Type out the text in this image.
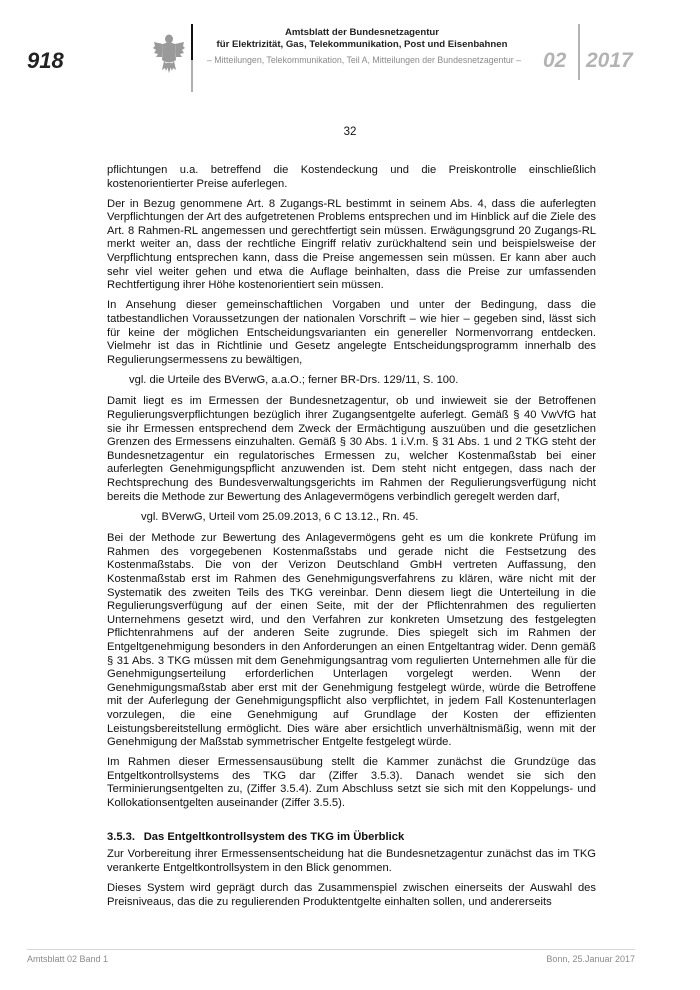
918
Amtsblatt der Bundesnetzagentur
für Elektrizität, Gas, Telekommunikation, Post und Eisenbahnen
– Mitteilungen, Telekommunikation, Teil A, Mitteilungen der Bundesnetzagentur –	02 2017
32

pflichtungen u.a. betreffend die Kostendeckung und die Preiskontrolle einschließlich kostenorientierter Preise auferlegen.

Der in Bezug genommene Art. 8 Zugangs-RL bestimmt in seinem Abs. 4, dass die auferlegten Verpflichtungen der Art des aufgetretenen Problems entsprechen und im Hinblick auf die Ziele des Art. 8 Rahmen-RL angemessen und gerechtfertigt sein müssen. Erwägungsgrund 20 Zugangs-RL merkt weiter an, dass der rechtliche Eingriff relativ zurückhaltend sein und beispielsweise der Verpflichtung entsprechen kann, dass die Preise angemessen sein müssen. Er kann aber auch sehr viel weiter gehen und etwa die Auflage beinhalten, dass die Preise zur umfassenden Rechtfertigung ihrer Höhe kostenorientiert sein müssen.

In Ansehung dieser gemeinschaftlichen Vorgaben und unter der Bedingung, dass die tatbestandlichen Voraussetzungen der nationalen Vorschrift – wie hier – gegeben sind, lässt sich für keine der möglichen Entscheidungsvarianten ein genereller Normenvorrang entdecken. Vielmehr ist das in Richtlinie und Gesetz angelegte Entscheidungsprogramm innerhalb des Regulierungsermessens zu bewältigen,

vgl. die Urteile des BVerwG, a.a.O.; ferner BR-Drs. 129/11, S. 100.

Damit liegt es im Ermessen der Bundesnetzagentur, ob und inwieweit sie der Betroffenen Regulierungsverpflichtungen bezüglich ihrer Zugangsentgelte auferlegt. Gemäß § 40 VwVfG hat sie ihr Ermessen entsprechend dem Zweck der Ermächtigung auszuüben und die gesetzlichen Grenzen des Ermessens einzuhalten. Gemäß § 30 Abs. 1 i.V.m. § 31 Abs. 1 und 2 TKG steht der Bundesnetzagentur ein regulatorisches Ermessen zu, welcher Kostenmaßstab bei einer auferlegten Genehmigungspflicht anzuwenden ist. Dem steht nicht entgegen, dass nach der Rechtsprechung des Bundesverwaltungsgerichts im Rahmen der Regulierungsverfügung nicht bereits die Methode zur Bewertung des Anlagevermögens verbindlich geregelt werden darf,

vgl. BVerwG, Urteil vom 25.09.2013, 6 C 13.12., Rn. 45.

Bei der Methode zur Bewertung des Anlagevermögens geht es um die konkrete Prüfung im Rahmen des vorgegebenen Kostenmaßstabs und gerade nicht die Festsetzung des Kostenmaßstabs. Die von der Verizon Deutschland GmbH vertreten Auffassung, den Kostenmaßstab erst im Rahmen des Genehmigungsverfahrens zu klären, wäre nicht mit der Systematik des zweiten Teils des TKG vereinbar. Denn diesem liegt die Unterteilung in die Regulierungsverfügung auf der einen Seite, mit der der Pflichtenrahmen des regulierten Unternehmens gesetzt wird, und den Verfahren zur konkreten Umsetzung des festgelegten Pflichtenrahmens auf der anderen Seite zugrunde. Dies spiegelt sich im Rahmen der Entgeltgenehmigung besonders in den Anforderungen an einen Entgeltantrag wider. Denn gemäß § 31 Abs. 3 TKG müssen mit dem Genehmigungsantrag vom regulierten Unternehmen alle für die Genehmigungserteilung erforderlichen Unterlagen vorgelegt werden. Wenn der Genehmigungsmaßstab aber erst mit der Genehmigung festgelegt würde, würde die Betroffene mit der Auferlegung der Genehmigungspflicht also verpflichtet, in jedem Fall Kostenunterlagen vorzulegen, die eine Genehmigung auf Grundlage der Kosten der effizienten Leistungsbereitstellung ermöglicht. Dies wäre aber ersichtlich unverhältnismäßig, wenn mit der Genehmigung der Maßstab symmetrischer Entgelte festgelegt würde.

Im Rahmen dieser Ermessensausübung stellt die Kammer zunächst die Grundzüge das Entgeltkontrollsystems des TKG dar (Ziffer 3.5.3). Danach wendet sie sich den Terminierungsentgelten zu, (Ziffer 3.5.4). Zum Abschluss setzt sie sich mit den Koppelungs- und Kollokationsentgelten auseinander (Ziffer 3.5.5).

3.5.3.  Das Entgeltkontrollsystem des TKG im Überblick

Zur Vorbereitung ihrer Ermessensentscheidung hat die Bundesnetzagentur zunächst das im TKG verankerte Entgeltkontrollsystem in den Blick genommen.

Dieses System wird geprägt durch das Zusammenspiel zwischen einerseits der Auswahl des Preisniveaus, das die zu regulierenden Produktentgelte einhalten sollen, und andererseits

Amtsblatt 02 Band 1	Bonn, 25.Januar 2017
